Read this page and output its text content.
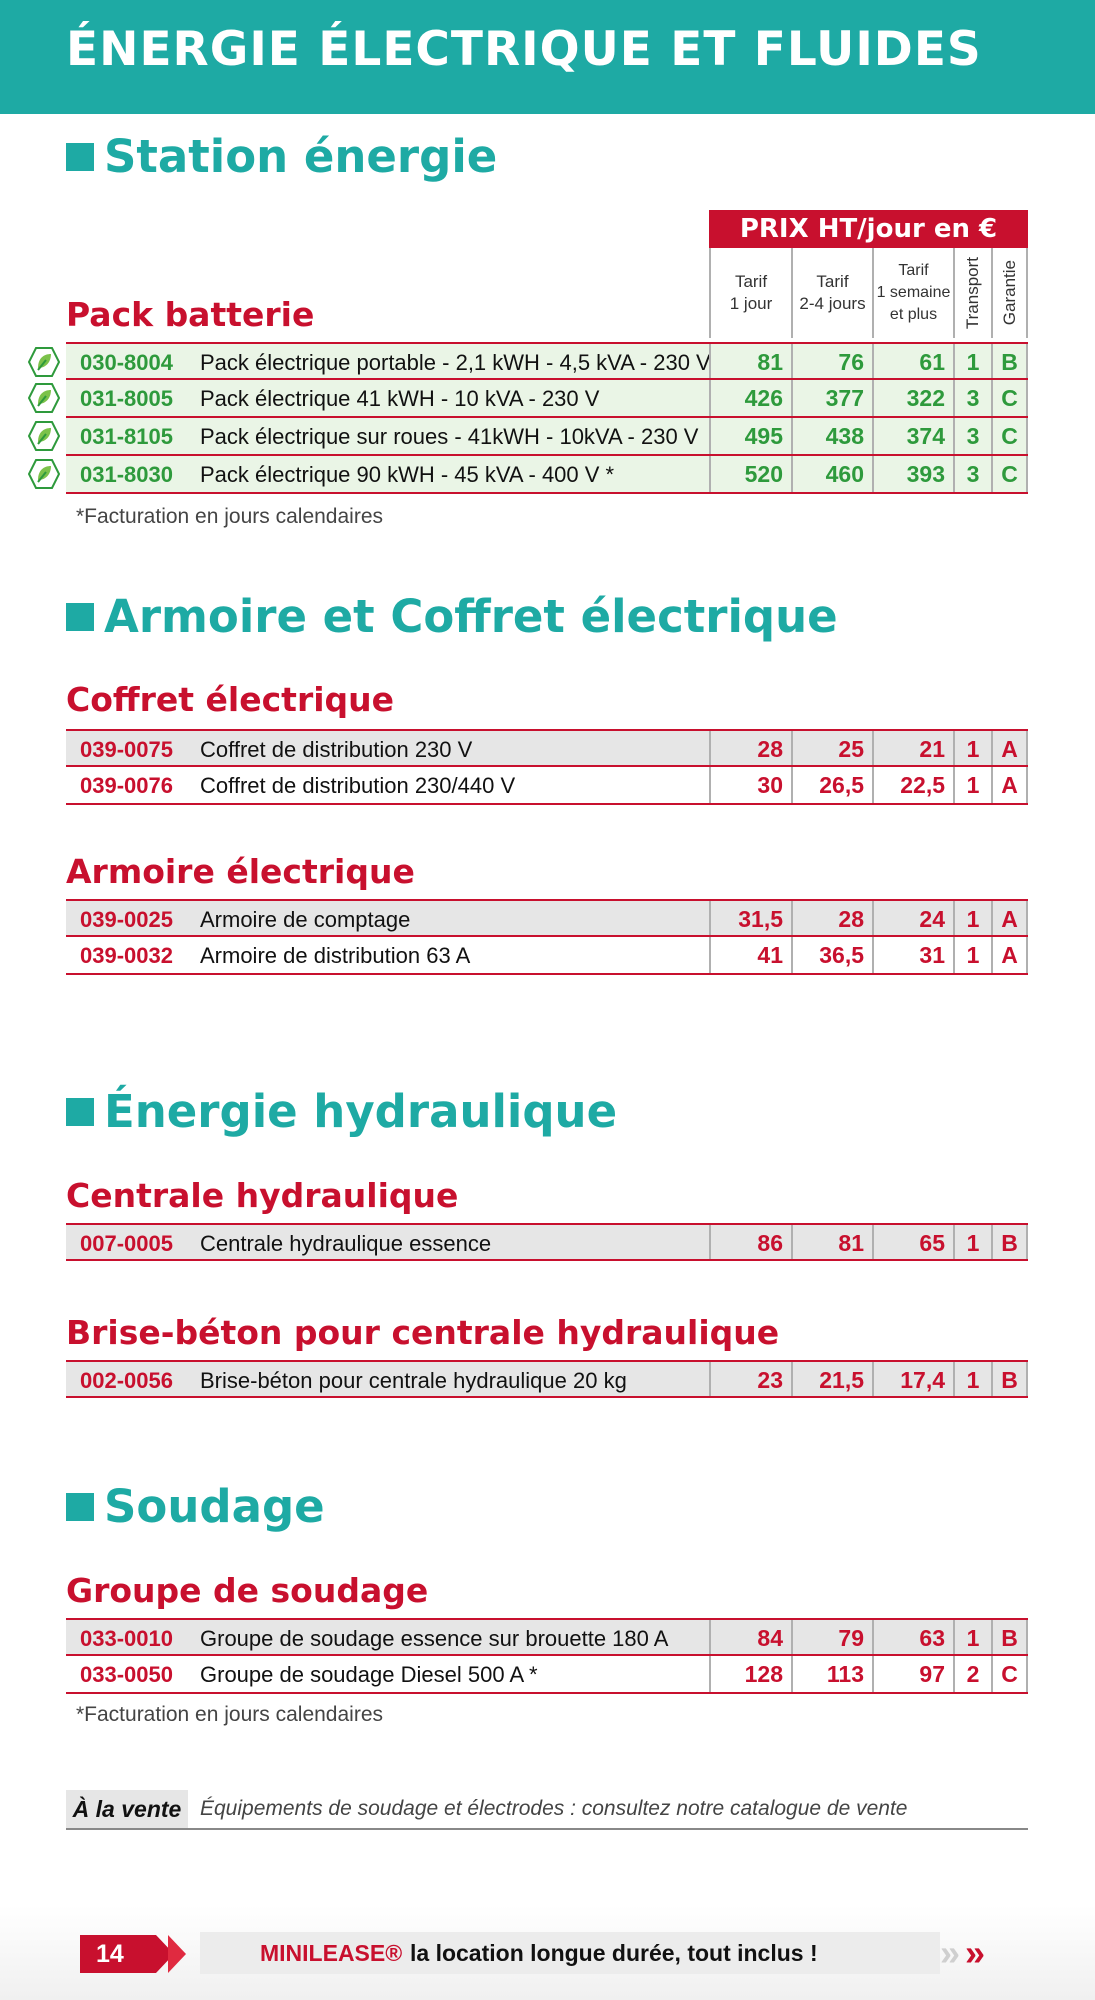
ÉNERGIE ÉLECTRIQUE ET FLUIDES
Station énergie
PRIX HT/jour en €
Tarif
1 jour
Tarif
2-4 jours
Tarif
1 semaine
et plus	Transport Garantie
Pack batterie
030-8004 Pack électrique portable - 2,1 kWH - 4,5 kVA - 230 V	81	76	61 1 B
031-8005 Pack électrique 41 kWH - 10 kVA - 230 V	426	377	322 3 C
031-8105 Pack électrique sur roues - 41kWH - 10kVA - 230 V	495	438	374 3 C
031-8030 Pack électrique 90 kWH - 45 kVA - 400 V *	520	460	393 3 C
*Facturation en jours calendaires
Armoire et Coffret électrique
Coffret électrique
039-0075 Coffret de distribution 230 V	28	25	21 1 A
039-0076 Coffret de distribution 230/440 V	30	26,5	22,5 1 A
Armoire électrique
039-0025 Armoire de comptage	31,5	28	24 1 A
039-0032 Armoire de distribution 63 A	41	36,5	31 1 A
Énergie hydraulique
Centrale hydraulique
007-0005 Centrale hydraulique essence	86	81	65 1 B
Brise-béton pour centrale hydraulique
002-0056 Brise-béton pour centrale hydraulique 20 kg	23	21,5	17,4 1 B
Soudage
Groupe de soudage
033-0010 Groupe de soudage essence sur brouette 180 A	84	79	63 1 B
033-0050 Groupe de soudage Diesel 500 A *	128	113	97 2 C
*Facturation en jours calendaires
À la vente Équipements de soudage et électrodes : consultez notre catalogue de vente
14	MINILEASE® la location longue durée, tout inclus !	» »
